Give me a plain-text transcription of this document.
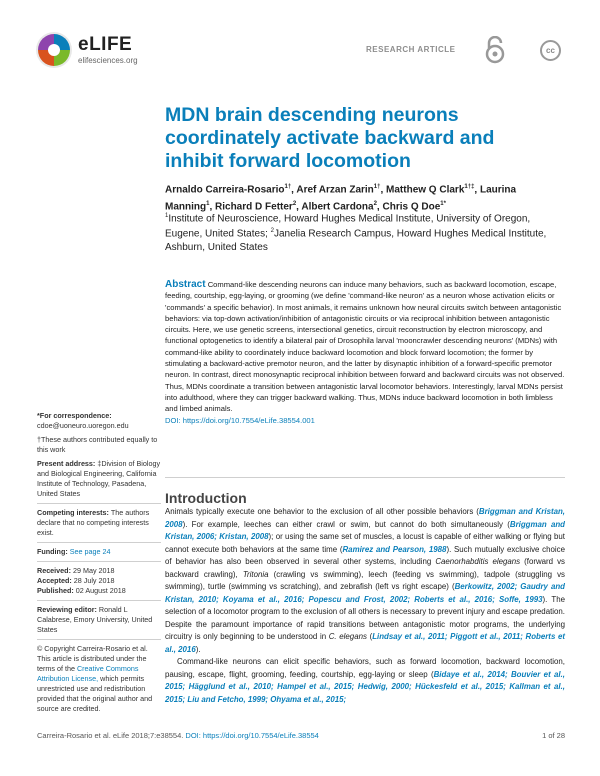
eLIFE
elifesciences.org
RESEARCH ARTICLE	cc
MDN brain descending neurons coordinately activate backward and inhibit forward locomotion
Arnaldo Carreira-Rosario$^{1\dagger}$, Aref Arzan Zarin$^{1\dagger}$, Matthew Q Clark$^{1\dagger\ddagger}$, Laurina Manning$^1$, Richard D Fetter$^2$, Albert Cardona$^2$, Chris Q Doe$^{1*}$
$^1$Institute of Neuroscience, Howard Hughes Medical Institute, University of Oregon, Eugene, United States; $^2$Janelia Research Campus, Howard Hughes Medical Institute, Ashburn, United States
Abstract Command-like descending neurons can induce many behaviors, such as backward locomotion, escape, feeding, courtship, egg-laying, or grooming (we define 'command-like neuron' as a neuron whose activation elicits or 'commands' a specific behavior). In most animals, it remains unknown how neural circuits switch between antagonistic behaviors: via top-down activation/inhibition of antagonistic circuits or via reciprocal inhibition between antagonistic circuits. Here, we use genetic screens, intersectional genetics, circuit reconstruction by electron microscopy, and functional optogenetics to identify a bilateral pair of Drosophila larval 'mooncrawler descending neurons' (MDNs) with command-like ability to coordinately induce backward locomotion and block forward locomotion; the former by stimulating a backward-active premotor neuron, and the latter by disynaptic inhibition of a forward-specific premotor neuron. In contrast, direct monosynaptic reciprocal inhibition between forward and backward circuits was not observed. Thus, MDNs coordinate a transition between antagonistic larval locomotor behaviors. Interestingly, larval MDNs persist into adulthood, where they can trigger backward walking. Thus, MDNs induce backward locomotion in both limbless and limbed animals.
DOI: https://doi.org/10.7554/eLife.38554.001

*For correspondence:
cdoe@uoneuro.uoregon.edu

†These authors contributed equally to this work

Present address: ‡Division of Biology and Biological Engineering, California Institute of Technology, Pasadena, United States

Competing interests: The authors declare that no competing interests exist.

Funding: See page 24

Received: 29 May 2018

Accepted: 28 July 2018

Published: 02 August 2018

Reviewing editor: Ronald L Calabrese, Emory University, United States

© Copyright Carreira-Rosario et al. This article is distributed under the terms of the Creative Commons Attribution License, which permits unrestricted use and redistribution provided that the original author and source are credited.

Introduction

Animals typically execute one behavior to the exclusion of all other possible behaviors (Briggman and Kristan, 2008). For example, leeches can either crawl or swim, but cannot do both simultaneously (Briggman and Kristan, 2006; Kristan, 2008); or using the same set of muscles, a locust is capable of either walking or flying but cannot execute both behaviors at the same time (Ramirez and Pearson, 1988). Such mutually exclusive choice of behavior has also been observed in several other systems, including Caenorhabditis elegans (forward vs backward crawling), Tritonia (crawling vs swimming), leech (feeding vs swimming), tadpole (struggling vs swimming), turtle (swimming vs scratching), and zebrafish (left vs right escape) (Berkowitz, 2002; Gaudry and Kristan, 2010; Koyama et al., 2016; Popescu and Frost, 2002; Roberts et al., 2016; Soffe, 1993). The selection of a locomotor program to the exclusion of all others is necessary to prevent injury and escape predation. Despite the paramount importance of rapid transitions between antagonistic motor programs, the underlying circuitry is only beginning to be understood in C. elegans (Lindsay et al., 2011; Piggott et al., 2011; Roberts et al., 2016).

Command-like neurons can elicit specific behaviors, such as forward locomotion, backward locomotion, pausing, escape, flight, grooming, feeding, courtship, egg-laying or sleep (Bidaye et al., 2014; Bouvier et al., 2015; Hägglund et al., 2010; Hampel et al., 2015; Hedwig, 2000; Hückesfeld et al., 2015; Kallman et al., 2015; Liu and Fetcho, 1999; Ohyama et al., 2015;

Carreira-Rosario et al. eLife 2018;7:e38554. DOI: https://doi.org/10.7554/eLife.38554	1 of 28
